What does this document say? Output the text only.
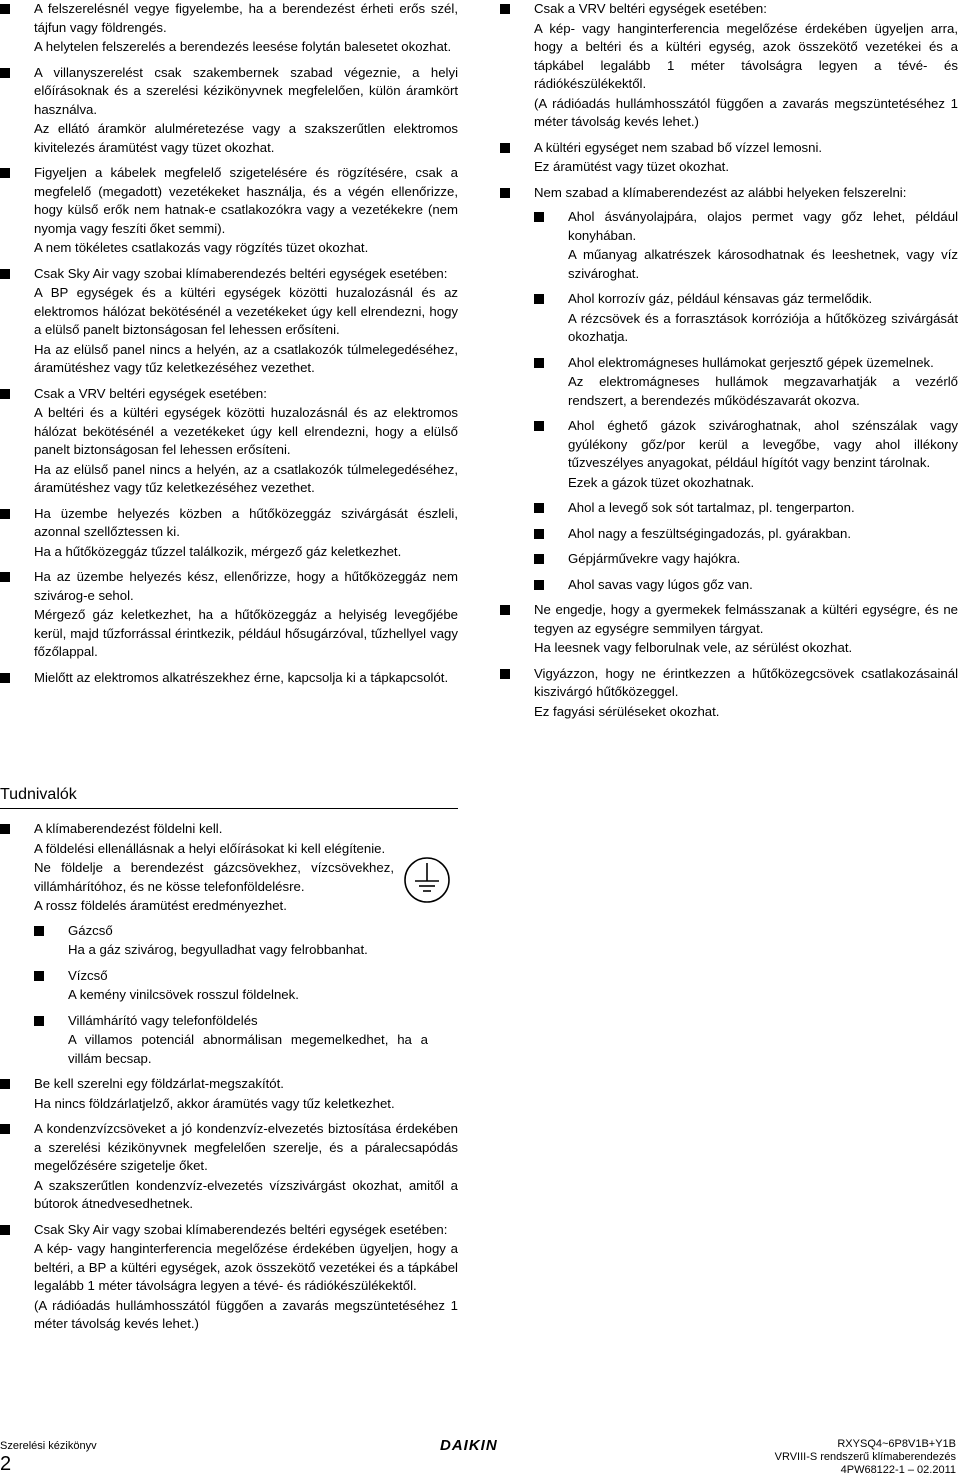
A felszerelésnél vegye figyelembe, ha a berendezést érheti erős szél, tájfun vagy földrengés.
A helytelen felszerelés a berendezés leesése folytán balesetet okozhat.
A villanyszerelést csak szakembernek szabad végeznie, a helyi előírásoknak és a szerelési kézikönyvnek megfelelően, külön áramkört használva.
Az ellátó áramkör alulméretezése vagy a szakszerűtlen elektromos kivitelezés áramütést vagy tüzet okozhat.
Figyeljen a kábelek megfelelő szigetelésére és rögzítésére, csak a megfelelő (megadott) vezetékeket használja, és a végén ellenőrizze, hogy külső erők nem hatnak-e csatlakozókra vagy a vezetékekre (nem nyomja vagy feszíti őket semmi).
A nem tökéletes csatlakozás vagy rögzítés tüzet okozhat.
Csak Sky Air vagy szobai klímaberendezés beltéri egységek esetében:
A BP egységek és a kültéri egységek közötti huzalozásnál és az elektromos hálózat bekötésénél a vezetékeket úgy kell elrendezni, hogy a elülső panelt biztonságosan fel lehessen erősíteni.
Ha az elülső panel nincs a helyén, az a csatlakozók túlmelegedéséhez, áramütéshez vagy tűz keletkezéséhez vezethet.
Csak a VRV beltéri egységek esetében:
A beltéri és a kültéri egységek közötti huzalozásnál és az elektromos hálózat bekötésénél a vezetékeket úgy kell elrendezni, hogy a elülső panelt biztonságosan fel lehessen erősíteni.
Ha az elülső panel nincs a helyén, az a csatlakozók túlmelegedéséhez, áramütéshez vagy tűz keletkezéséhez vezethet.
Ha üzembe helyezés közben a hűtőközeggáz szivárgását észleli, azonnal szellőztessen ki.
Ha a hűtőközeggáz tűzzel találkozik, mérgező gáz keletkezhet.
Ha az üzembe helyezés kész, ellenőrizze, hogy a hűtőközeggáz nem szivárog-e sehol.
Mérgező gáz keletkezhet, ha a hűtőközeggáz a helyiség levegőjébe kerül, majd tűzforrással érintkezik, például hősugárzóval, tűzhellyel vagy főzőlappal.
Mielőtt az elektromos alkatrészekhez érne, kapcsolja ki a tápkapcsolót.
Tudnivalók
A klímaberendezést földelni kell.
A földelési ellenállásnak a helyi előírásokat ki kell elégítenie.
Ne földelje a berendezést gázcsövekhez, vízcsövekhez, villámhárítóhoz, és ne kösse telefonföldelésre.
A rossz földelés áramütést eredményezhet.
Gázcső
Ha a gáz szivárog, begyulladhat vagy felrobbanhat.
Vízcső
A kemény vinilcsövek rosszul földelnek.
Villámhárító vagy telefonföldelés
A villamos potenciál abnormálisan megemelkedhet, ha a villám becsap.
Be kell szerelni egy földzárlat-megszakítót.
Ha nincs földzárlatjelző, akkor áramütés vagy tűz keletkezhet.
A kondenzvízcsöveket a jó kondenzvíz-elvezetés biztosítása érdekében a szerelési kézikönyvnek megfelelően szerelje, és a páralecsapódás megelőzésére szigetelje őket.
A szakszerűtlen kondenzvíz-elvezetés vízszivárgást okozhat, amitől a bútorok átnedvesedhetnek.
Csak Sky Air vagy szobai klímaberendezés beltéri egységek esetében:
A kép- vagy hanginterferencia megelőzése érdekében ügyeljen, hogy a beltéri, a BP a kültéri egységek, azok összekötő vezetékei és a tápkábel legalább 1 méter távolságra legyen a tévé- és rádiókészülékektől.
(A rádióadás hullámhosszától függően a zavarás megszüntetéséhez 1 méter távolság kevés lehet.)
Csak a VRV beltéri egységek esetében:
A kép- vagy hanginterferencia megelőzése érdekében ügyeljen arra, hogy a beltéri és a kültéri egység, azok összekötő vezetékei és a tápkábel legalább 1 méter távolságra legyen a tévé- és rádiókészülékektől.
(A rádióadás hullámhosszától függően a zavarás megszüntetéséhez 1 méter távolság kevés lehet.)
A kültéri egységet nem szabad bő vízzel lemosni.
Ez áramütést vagy tüzet okozhat.
Nem szabad a klímaberendezést az alábbi helyeken felszerelni:
Ahol ásványolajpára, olajos permet vagy gőz lehet, például konyhában.
A műanyag alkatrészek károsodhatnak és leeshetnek, vagy víz szivároghat.
Ahol korrozív gáz, például kénsavas gáz termelődik.
A rézcsövek és a forrasztások korróziója a hűtőközeg szivárgását okozhatja.
Ahol elektromágneses hullámokat gerjesztő gépek üzemelnek.
Az elektromágneses hullámok megzavarhatják a vezérlő rendszert, a berendezés működészavarát okozva.
Ahol éghető gázok szivároghatnak, ahol szénszálak vagy gyúlékony gőz/por kerül a levegőbe, vagy ahol illékony tűzveszélyes anyagokat, például hígítót vagy benzint tárolnak.
Ezek a gázok tüzet okozhatnak.
Ahol a levegő sok sót tartalmaz, pl. tengerparton.
Ahol nagy a feszültségingadozás, pl. gyárakban.
Gépjárművekre vagy hajókra.
Ahol savas vagy lúgos gőz van.
Ne engedje, hogy a gyermekek felmásszanak a kültéri egységre, és ne tegyen az egységre semmilyen tárgyat.
Ha leesnek vagy felborulnak vele, az sérülést okozhat.
Vigyázzon, hogy ne érintkezzen a hűtőközegcsövek csatlakozásainál kiszivárgó hűtőközeggel.
Ez fagyási sérüléseket okozhat.
Szerelési kézikönyv
2
DAIKIN	RXYSQ4~6P8V1B+Y1B
VRVIII-S rendszerű klímaberendezés
4PW68122-1 – 02.2011
